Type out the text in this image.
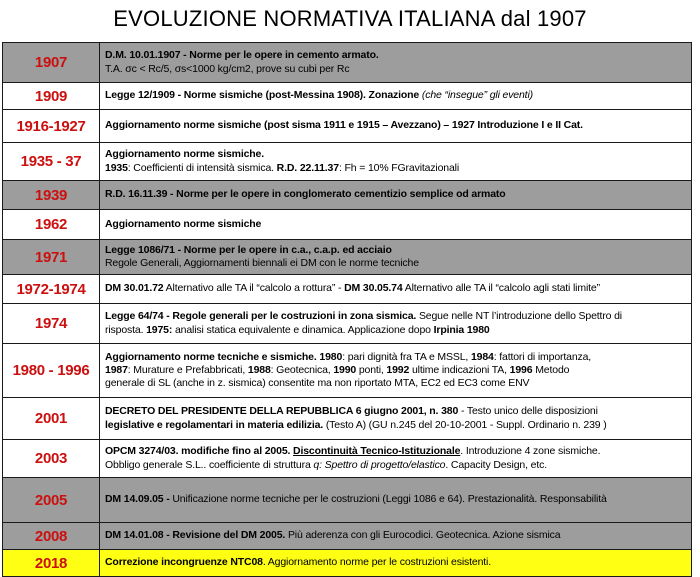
EVOLUZIONE NORMATIVA ITALIANA dal 1907
1907	D.M. 10.01.1907 - Norme per le opere in cemento armato.
T.A. σc < Rc/5, σs<1000 kg/cm2, prove su cubi per Rc
1909	Legge 12/1909 - Norme sismiche (post-Messina 1908). Zonazione (che “insegue” gli eventi)
1916-1927	Aggiornamento norme sismiche (post sisma 1911 e 1915 – Avezzano) – 1927 Introduzione I e II Cat.
1935 - 37	Aggiornamento norme sismiche.
1935: Coefficienti di intensità sismica. R.D. 22.11.37: Fh = 10% FGravitazionali
1939	R.D. 16.11.39 - Norme per le opere in conglomerato cementizio semplice od armato
1962	Aggiornamento norme sismiche
1971	Legge 1086/71 - Norme per le opere in c.a., c.a.p. ed acciaio
Regole Generali, Aggiornamenti biennali ei DM con le norme tecniche
1972-1974	DM 30.01.72 Alternativo alle TA il “calcolo a rottura” - DM 30.05.74 Alternativo alle TA il “calcolo agli stati limite”
1974	Legge 64/74 - Regole generali per le costruzioni in zona sismica. Segue nelle NT l’introduzione dello Spettro di
risposta. 1975: analisi statica equivalente e dinamica. Applicazione dopo Irpinia 1980
1980 - 1996	Aggiornamento norme tecniche e sismiche. 1980: pari dignità fra TA e MSSL, 1984: fattori di importanza,
1987: Murature e Prefabbricati, 1988: Geotecnica, 1990 ponti, 1992 ultime indicazioni TA, 1996 Metodo
generale di SL (anche in z. sismica) consentite ma non riportato MTA, EC2 ed EC3 come ENV
2001	DECRETO DEL PRESIDENTE DELLA REPUBBLICA 6 giugno 2001, n. 380 - Testo unico delle disposizioni
legislative e regolamentari in materia edilizia. (Testo A) (GU n.245 del 20-10-2001 - Suppl. Ordinario n. 239 )
2003	OPCM 3274/03. modifiche fino al 2005. Discontinuità Tecnico-Istituzionale. Introduzione 4 zone sismiche.
Obbligo generale S.L.. coefficiente di struttura q: Spettro di progetto/elastico. Capacity Design, etc.
2005	DM 14.09.05 - Unificazione norme tecniche per le costruzioni (Leggi 1086 e 64). Prestazionalità. Responsabilità
2008	DM 14.01.08 - Revisione del DM 2005. Più aderenza con gli Eurocodici. Geotecnica. Azione sismica
2018	Correzione incongruenze NTC08. Aggiornamento norme per le costruzioni esistenti.
